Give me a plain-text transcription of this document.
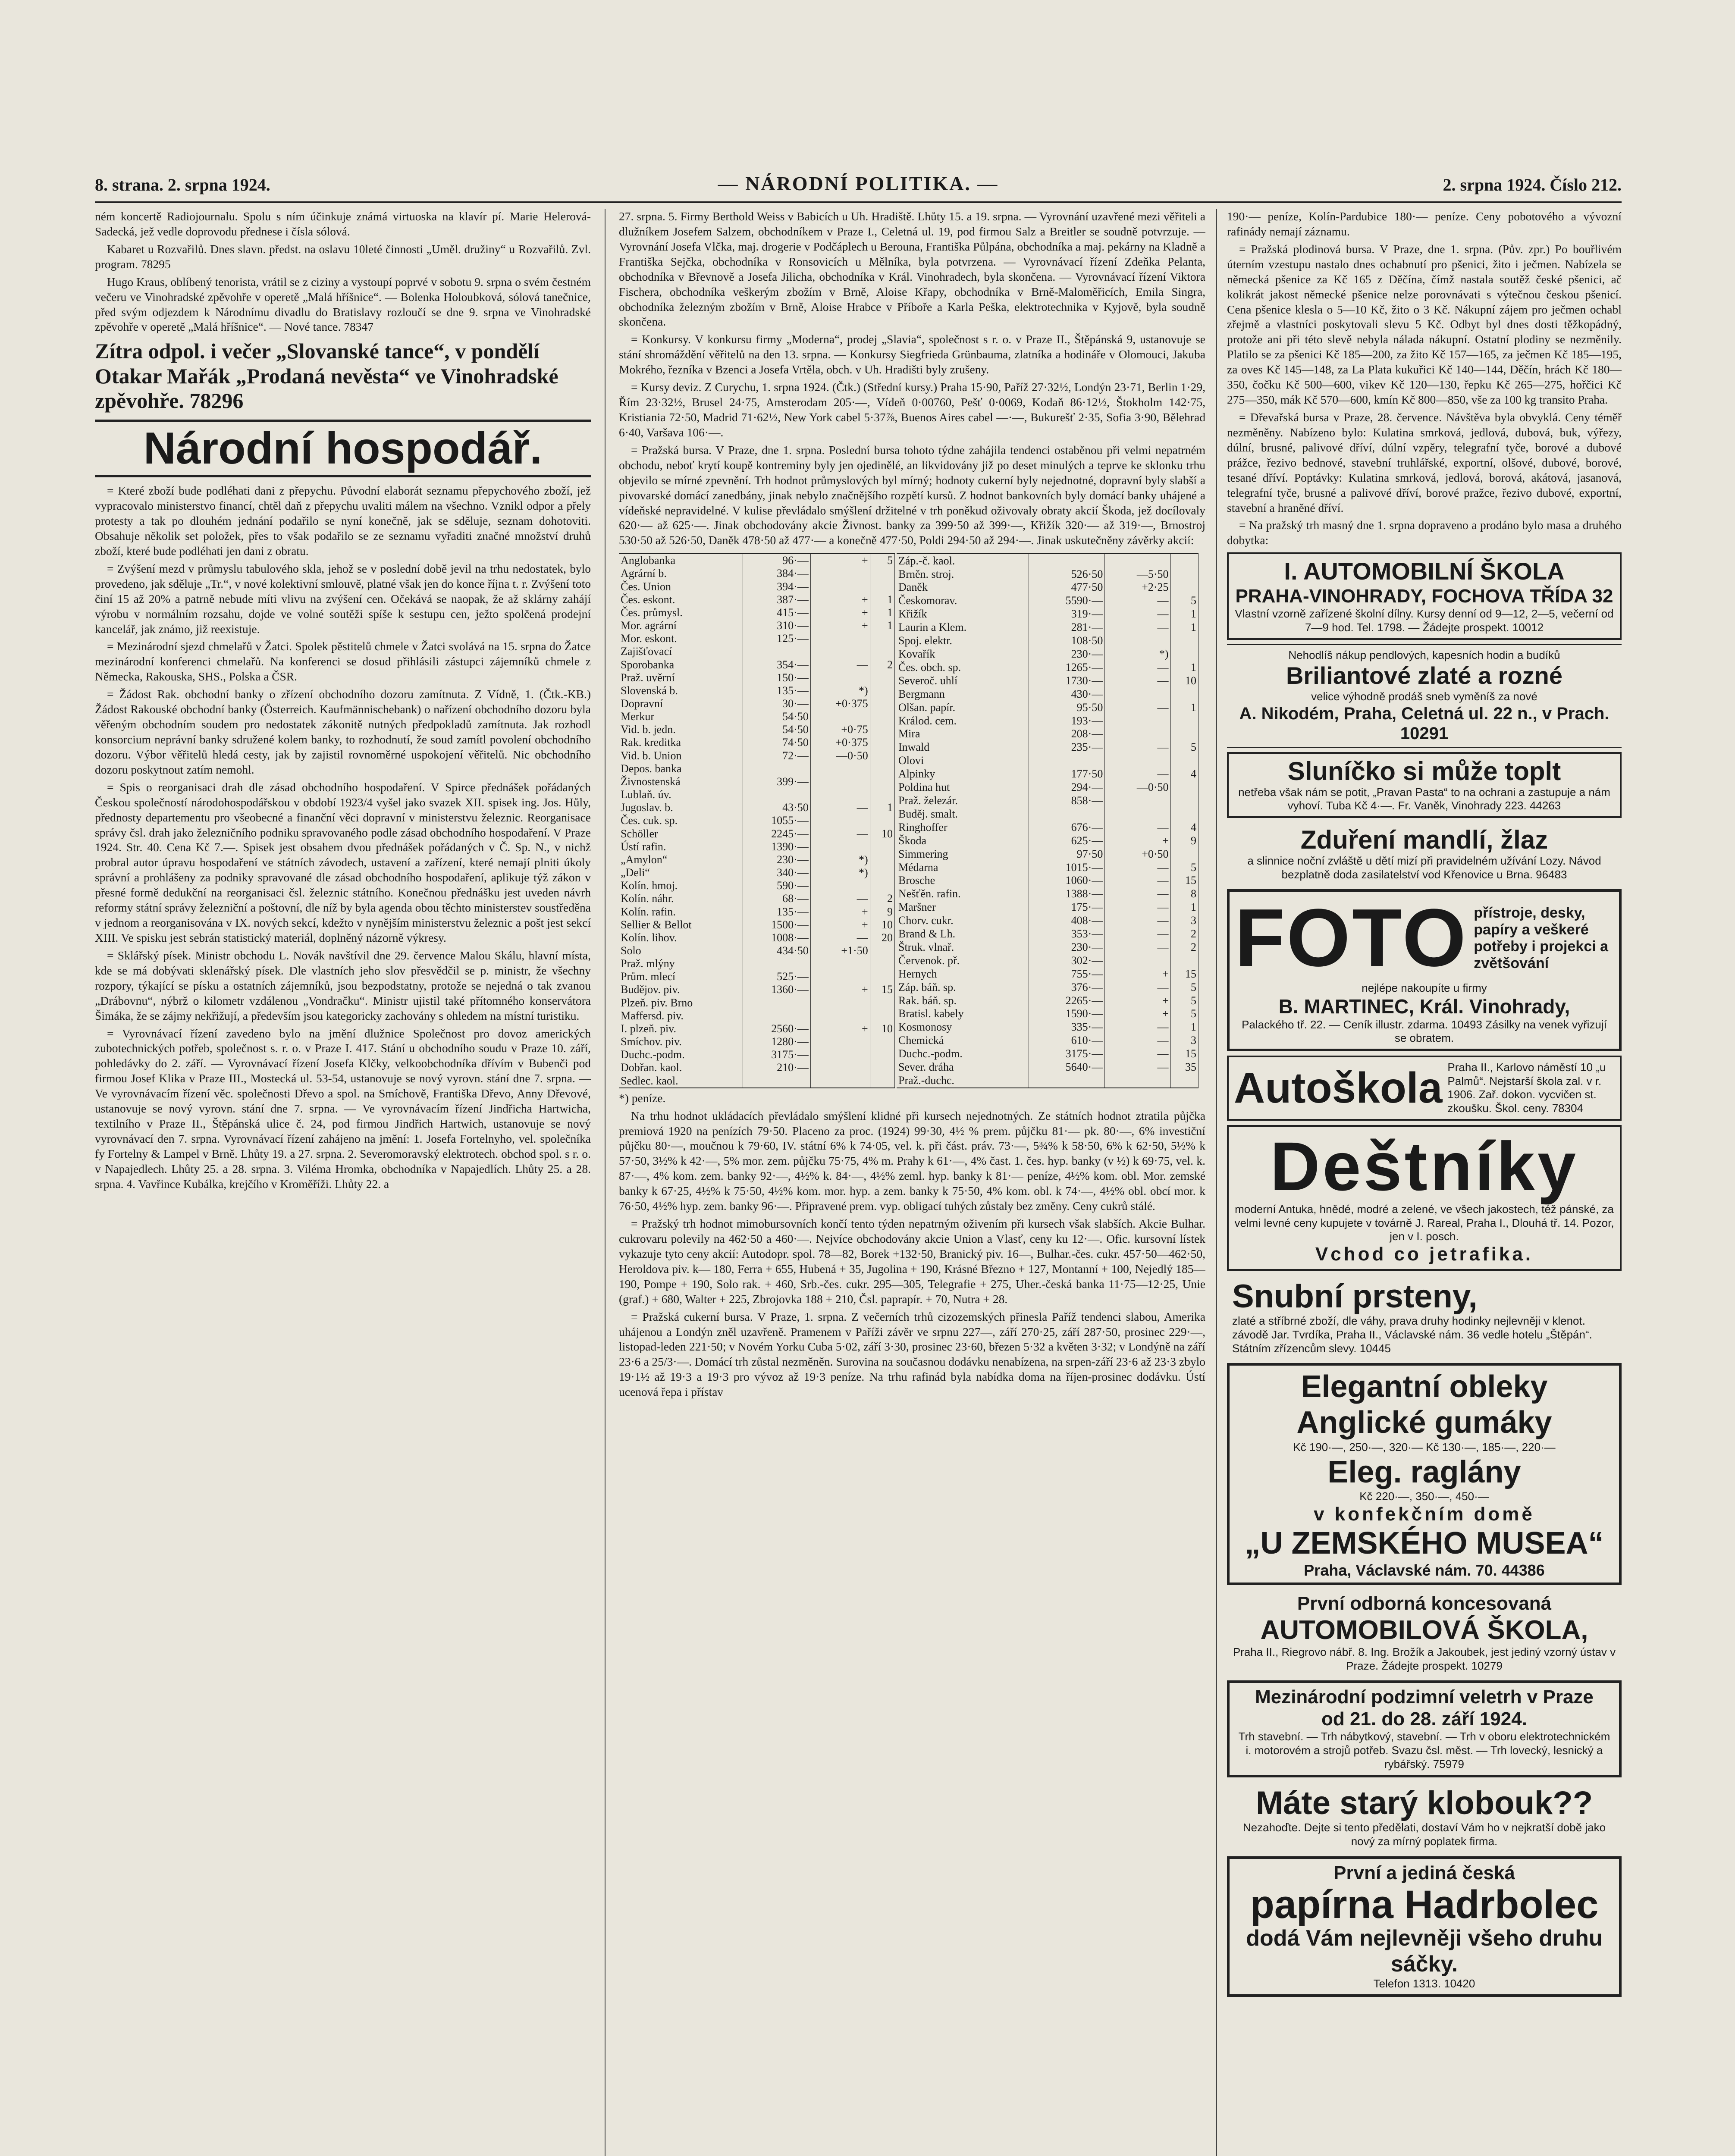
8. strana. 2. srpna 1924.	— NÁRODNÍ POLITIKA. —	2. srpna 1924. Číslo 212.

ném koncertě Radiojournalu. Spolu s ním účinkuje známá virtuoska na klavír pí. Marie Helerová-Sadecká, jež vedle doprovodu přednese i čísla sólová.

Kabaret u Rozvařilů. Dnes slavn. předst. na oslavu 10leté činnosti „Uměl. družiny“ u Rozvařilů. Zvl. program. 78295

Hugo Kraus, oblíbený tenorista, vrátil se z ciziny a vystoupí poprvé v sobotu 9. srpna o svém čestném večeru ve Vinohradské zpěvohře v operetě „Malá hříšnice“. — Bolenka Holoubková, sólová tanečnice, před svým odjezdem k Národnímu divadlu do Bratislavy rozloučí se dne 9. srpna ve Vinohradské zpěvohře v operetě „Malá hříšnice“. — Nové tance. 78347

Zítra odpol. i večer „Slovanské tance“, v pondělí Otakar Mařák „Prodaná nevěsta“ ve Vinohradské zpěvohře. 78296
Národní hospodář.

= Které zboží bude podléhati dani z přepychu. Původní elaborát seznamu přepychového zboží, jež vypracovalo ministerstvo financí, chtěl daň z přepychu uvaliti málem na všechno. Vznikl odpor a přely protesty a tak po dlouhém jednání podařilo se nyní konečně, jak se sděluje, seznam dohotoviti. Obsahuje několik set položek, přes to však podařilo se ze seznamu vyřaditi značné množství druhů zboží, které bude podléhati jen dani z obratu.

= Zvýšení mezd v průmyslu tabulového skla, jehož se v poslední době jevil na trhu nedostatek, bylo provedeno, jak sděluje „Tr.“, v nové kolektivní smlouvě, platné však jen do konce října t. r. Zvýšení toto činí 15 až 20% a patrně nebude míti vlivu na zvýšení cen. Očekává se naopak, že až sklárny zahájí výrobu v normálním rozsahu, dojde ve volné soutěži spíše k sestupu cen, ježto spolčená prodejní kancelář, jak známo, již reexistuje.

= Mezinárodní sjezd chmelařů v Žatci. Spolek pěstitelů chmele v Žatci svolává na 15. srpna do Žatce mezinárodní konferenci chmelařů. Na konferenci se dosud přihlásili zástupci zájemníků chmele z Německa, Rakouska, SHS., Polska a ČSR.

= Žádost Rak. obchodní banky o zřízení obchodního dozoru zamítnuta. Z Vídně, 1. (Čtk.-KB.) Žádost Rakouské obchodní banky (Österreich. Kaufmännischebank) o nařízení obchodního dozoru byla věřeným obchodním soudem pro nedostatek zákonitě nutných předpokladů zamítnuta. Jak rozhodl konsorcium neprávní banky sdružené kolem banky, to rozhodnutí, že soud zamítl povolení obchodního dozoru. Výbor věřitelů hledá cesty, jak by zajistil rovnoměrné uspokojení věřitelů. Nic obchodního dozoru poskytnout zatím nemohl.

= Spis o reorganisaci drah dle zásad obchodního hospodaření. V Spirce přednášek pořádaných Českou společností národohospodářskou v období 1923/4 vyšel jako svazek XII. spisek ing. Jos. Hůly, přednosty departementu pro všeobecné a finanční věci dopravní v ministerstvu železnic. Reorganisace správy čsl. drah jako železničního podniku spravovaného podle zásad obchodního hospodaření. V Praze 1924. Str. 40. Cena Kč 7.—. Spisek jest obsahem dvou přednášek pořádaných v Č. Sp. N., v nichž probral autor úpravu hospodaření ve státních závodech, ustavení a zařízení, které nemají plniti úkoly správní a prohlášeny za podniky spravované dle zásad obchodního hospodaření, aplikuje týž zákon v přesné formě dedukční na reorganisaci čsl. železnic státního. Konečnou přednášku jest uveden návrh reformy státní správy železniční a poštovní, dle níž by byla agenda obou těchto ministerstev soustředěna v jednom a reorganisována v IX. nových sekcí, kdežto v nynějším ministerstvu železnic a pošt jest sekcí XIII. Ve spisku jest sebrán statistický materiál, doplněný názorně výkresy.

= Sklářský písek. Ministr obchodu L. Novák navštívil dne 29. července Malou Skálu, hlavní místa, kde se má dobývati sklenářský písek. Dle vlastních jeho slov přesvědčil se p. ministr, že všechny rozpory, týkající se písku a ostatních zájemníků, jsou bezpodstatny, protože se nejedná o tak zvanou „Drábovnu“, nýbrž o kilometr vzdálenou „Vondračku“. Ministr ujistil také přítomného konservátora Šimáka, že se zájmy nekřižují, a především jsou kategoricky zachovány s ohledem na místní turistiku.

= Vyrovnávací řízení zavedeno bylo na jmění dlužnice Společnost pro dovoz amerických zubotechnických potřeb, společnost s. r. o. v Praze I. 417. Stání u obchodního soudu v Praze 10. září, pohledávky do 2. září. — Vyrovnávací řízení Josefa Klčky, velkoobchodníka dřívím v Bubenči pod firmou Josef Klika v Praze III., Mostecká ul. 53-54, ustanovuje se nový vyrovn. stání dne 7. srpna. — Ve vyrovnávacím řízení věc. společnosti Dřevo a spol. na Smíchově, Františka Dřevo, Anny Dřevové, ustanovuje se nový vyrovn. stání dne 7. srpna. — Ve vyrovnávacím řízení Jindřicha Hartwicha, textilního v Praze II., Štěpánská ulice č. 24, pod firmou Jindřich Hartwich, ustanovuje se nový vyrovnávací den 7. srpna. Vyrovnávací řízení zahájeno na jmění: 1. Josefa Fortelnyho, vel. společníka fy Fortelny & Lampel v Brně. Lhůty 19. a 27. srpna. 2. Severomoravský elektrotech. obchod spol. s r. o. v Napajedlech. Lhůty 25. a 28. srpna. 3. Viléma Hromka, obchodníka v Napajedlích. Lhůty 25. a 28. srpna. 4. Vavřince Kubálka, krejčího v Kroměříži. Lhůty 22. a

27. srpna. 5. Firmy Berthold Weiss v Babicích u Uh. Hradiště. Lhůty 15. a 19. srpna. — Vyrovnání uzavřené mezi věřiteli a dlužníkem Josefem Salzem, obchodníkem v Praze I., Celetná ul. 19, pod firmou Salz a Breitler se soudně potvrzuje. — Vyrovnání Josefa Vlčka, maj. drogerie v Podčáplech u Berouna, Františka Půlpána, obchodníka a maj. pekárny na Kladně a Františka Sejčka, obchodníka v Ronsovicích u Mělníka, byla potvrzena. — Vyrovnávací řízení Zdeňka Pelanta, obchodníka v Břevnově a Josefa Jilicha, obchodníka v Král. Vinohradech, byla skončena. — Vyrovnávací řízení Viktora Fischera, obchodníka veškerým zbožím v Brně, Aloise Křapy, obchodníka v Brně-Maloměřicích, Emila Singra, obchodníka železným zbožím v Brně, Aloise Hrabce v Příboře a Karla Peška, elektrotechnika v Kyjově, byla soudně skončena.

= Konkursy. V konkursu firmy „Moderna“, prodej „Slavia“, společnost s r. o. v Praze II., Štěpánská 9, ustanovuje se stání shromáždění věřitelů na den 13. srpna. — Konkursy Siegfrieda Grünbauma, zlatníka a hodináře v Olomouci, Jakuba Mokrého, řezníka v Bzenci a Josefa Vrtěla, obch. v Uh. Hradišti byly zrušeny.

= Kursy deviz. Z Curychu, 1. srpna 1924. (Čtk.) (Střední kursy.) Praha 15·90, Paříž 27·32½, Londýn 23·71, Berlin 1·29, Řím 23·32½, Brusel 24·75, Amsterodam 205·—, Vídeň 0·00760, Pešť 0·0069, Kodaň 86·12½, Štokholm 142·75, Kristiania 72·50, Madrid 71·62½, New York cabel 5·37⅞, Buenos Aires cabel —·—, Bukurešť 2·35, Sofia 3·90, Bělehrad 6·40, Varšava 106·—.

= Pražská bursa. V Praze, dne 1. srpna. Poslední bursa tohoto týdne zahájila tendenci ostaběnou při velmi nepatrném obchodu, neboť krytí koupě kontreminy byly jen ojedinělé, an likvidovány již po deset minulých a teprve ke sklonku trhu objevilo se mírné zpevnění. Trh hodnot průmyslových byl mírný; hodnoty cukerní byly nejednotné, dopravní byly slabší a pivovarské domácí zanedbány, jinak nebylo značnějšího rozpětí kursů. Z hodnot bankovních byly domácí banky uhájené a vídeňské nepravidelné. V kulise převládalo smýšlení držitelné v trh poněkud oživovaly obraty akcií Škoda, jež docílovaly 620·— až 625·—. Jinak obchodovány akcie Živnost. banky za 399·50 až 399·—, Křižík 320·— až 319·—, Brnostroj 530·50 až 526·50, Daněk 478·50 až 477·— a konečně 477·50, Poldi 294·50 až 294·—. Jinak uskutečněny závěrky akcií:

Anglobanka	96·—	+	5
Agrární b.	384·—		
Čes. Union	394·—		
Čes. eskont.	387·—	+	1
Čes. průmysl.	415·—	+	1
Mor. agrární	310·—	+	1
Mor. eskont.	125·—		
Zajišťovací			
Sporobanka	354·—	—	2
Praž. uvěrní	150·—		
Slovenská b.	135·—	*)	
Dopravní	30·—	+0·375	
Merkur	54·50		
Vid. b. jedn.	54·50	+0·75	
Rak. kreditka	74·50	+0·375	
Vid. b. Union	72·—	—0·50	
Depos. banka			
Živnostenská	399·—		
Lublaň. úv.			
Jugoslav. b.	43·50	—	1
Čes. cuk. sp.	1055·—		
Schöller	2245·—	—	10
Ústí rafin.	1390·—		
„Amylon“	230·—	*)	
„Deli“	340·—	*)	
Kolín. hmoj.	590·—		
Kolín. náhr.	68·—	—	2
Kolín. rafin.	135·—	+	9
Sellier & Bellot	1500·—	+	10
Kolín. lihov.	1008·—	—	20
Solo	434·50	+1·50	
Praž. mlýny			
Prům. mlecí	525·—		
Budějov. piv.	1360·—	+	15
Plzeň. piv. Brno			
Maffersd. piv.			
I. plzeň. piv.	2560·—	+	10
Smíchov. piv.	1280·—		
Duchc.-podm.	3175·—		
Dobřan. kaol.	210·—		
Sedlec. kaol.			
Záp.-č. kaol.			
Brněn. stroj.	526·50	—5·50	
Daněk	477·50	+2·25	
Českomorav.	5590·—	—	5
Křižík	319·—	—	1
Laurin a Klem.	281·—	—	1
Spoj. elektr.	108·50		
Kovařík	230·—	*)	
Čes. obch. sp.	1265·—	—	1
Severoč. uhlí	1730·—	—	10
Bergmann	430·—		
Olšan. papír.	95·50	—	1
Králod. cem.	193·—		
Mira	208·—		
Inwald	235·—	—	5
Olovi			
Alpinky	177·50	—	4
Poldina hut	294·—	—0·50	
Praž. železár.	858·—		
Buděj. smalt.			
Ringhoffer	676·—	—	4
Škoda	625·—	+	9
Simmering	97·50	+0·50	
Médarna	1015·—	—	5
Brosche	1060·—	—	15
Nešťěn. rafin.	1388·—	—	8
Maršner	175·—	—	1
Chorv. cukr.	408·—	—	3
Brand & Lh.	353·—	—	2
Štruk. vlnař.	230·—	—	2
Červenok. př.	302·—		
Hernych	755·—	+	15
Záp. báň. sp.	376·—	—	5
Rak. báň. sp.	2265·—	+	5
Bratisl. kabely	1590·—	+	5
Kosmonosy	335·—	—	1
Chemická	610·—	—	3
Duchc.-podm.	3175·—	—	15
Sever. dráha	5640·—	—	35
Praž.-duchc.			

*) peníze.

Na trhu hodnot ukládacích převládalo smýšlení klidné při kursech nejednotných. Ze státních hodnot ztratila půjčka premiová 1920 na penízích 79·50. Placeno za proc. (1924) 99·30, 4½ % prem. půjčku 81·— pk. 80·—, 6% investiční půjčku 80·—, moučnou k 79·60, IV. státní 6% k 74·05, vel. k. při část. práv. 73·—, 5¾% k 58·50, 6% k 62·50, 5½% k 57·50, 3½% k 42·—, 5% mor. zem. půjčku 75·75, 4% m. Prahy k 61·—, 4% čast. 1. čes. hyp. banky (v ½) k 69·75, vel. k. 87·—, 4% kom. zem. banky 92·—, 4½% k. 84·—, 4½% zeml. hyp. banky k 81·— peníze, 4½% kom. obl. Mor. zemské banky k 67·25, 4½% k 75·50, 4½% kom. mor. hyp. a zem. banky k 75·50, 4% kom. obl. k 74·—, 4½% obl. obcí mor. k 76·50, 4½% hyp. zem. banky 96·—. Připravené prem. vyp. obligací tuhých zůstaly bez změny. Ceny cukrů stálé.

= Pražský trh hodnot mimobursovních končí tento týden nepatrným oživením při kursech však slabších. Akcie Bulhar. cukrovaru polevily na 462·50 a 460·—. Nejvíce obchodovány akcie Union a Vlasť, ceny ku 12·—. Ofic. kursovní lístek vykazuje tyto ceny akcií: Autodopr. spol. 78—82, Borek +132·50, Branický piv. 16—, Bulhar.-čes. cukr. 457·50—462·50, Heroldova piv. k— 180, Ferra + 655, Hubená + 35, Jugolina + 190, Krásné Březno + 127, Montanní + 100, Nejedlý 185—190, Pompe + 190, Solo rak. + 460, Srb.-čes. cukr. 295—305, Telegrafie + 275, Uher.-česká banka 11·75—12·25, Unie (graf.) + 680, Walter + 225, Zbrojovka 188 + 210, Čsl. paprapír. + 70, Nutra + 28.

= Pražská cukerní bursa. V Praze, 1. srpna. Z večerních trhů cizozemských přinesla Paříž tendenci slabou, Amerika uhájenou a Londýn zněl uzavřeně. Pramenem v Paříži závěr ve srpnu 227—, září 270·25, září 287·50, prosinec 229·—, listopad-leden 221·50; v Novém Yorku Cuba 5·02, září 3·30, prosinec 23·60, březen 5·32 a květen 3·32; v Londýně na září 23·6 a 25/3·—. Domácí trh zůstal nezměněn. Surovina na současnou dodávku nenabízena, na srpen-září 23·6 až 23·3 zbylo 19·1½ až 19·3 a 19·3 pro vývoz až 19·3 peníze. Na trhu rafinád byla nabídka doma na říjen-prosinec dodávku. Ústí ucenová řepa i přístav

190·— peníze, Kolín-Pardubice 180·— peníze. Ceny pobotového a vývozní rafinády nemají záznamu.

= Pražská plodinová bursa. V Praze, dne 1. srpna. (Pův. zpr.) Po bouřlivém úterním vzestupu nastalo dnes ochabnutí pro pšenici, žito i ječmen. Nabízela se německá pšenice za Kč 165 z Děčína, čímž nastala soutěž české pšenici, ač kolikrát jakost německé pšenice nelze porovnávati s výtečnou českou pšenicí. Cena pšenice klesla o 5—10 Kč, žito o 3 Kč. Nákupní zájem pro ječmen ochabl zřejmě a vlastníci poskytovali slevu 5 Kč. Odbyt byl dnes dosti těžkopádný, protože ani při této slevě nebyla nálada nákupní. Ostatní plodiny se nezměnily. Platilo se za pšenici Kč 185—200, za žito Kč 157—165, za ječmen Kč 185—195, za oves Kč 145—148, za La Plata kukuřici Kč 140—144, Děčín, hrách Kč 180—350, čočku Kč 500—600, vikev Kč 120—130, řepku Kč 265—275, hořčici Kč 275—350, mák Kč 570—600, kmín Kč 800—850, vše za 100 kg transito Praha.

= Dřevařská bursa v Praze, 28. července. Návštěva byla obvyklá. Ceny téměř nezměněny. Nabízeno bylo: Kulatina smrková, jedlová, dubová, buk, výřezy, dúlní, brusné, palivové dříví, dúlní vzpěry, telegrafní tyče, borové a dubové prážce, řezivo bednové, stavební truhlářské, exportní, olšové, dubové, borové, tesané dříví. Poptávky: Kulatina smrková, jedlová, borová, akátová, jasanová, telegrafní tyče, brusné a palivové dříví, borové pražce, řezivo dubové, exportní, stavební a hraněné dříví.

= Na pražský trh masný dne 1. srpna dopraveno a prodáno bylo masa a druhého dobytka:

I. AUTOMOBILNÍ ŠKOLA
PRAHA-VINOHRADY, FOCHOVA TŘÍDA 32
Vlastní vzorně zařízené školní dílny. Kursy denní od 9—12, 2—5, večerní od 7—9 hod. Tel. 1798. — Žádejte prospekt. 10012
Nehodlíš nákup pendlových, kapesních hodin a budíků
Briliantové zlaté a rozné
velice výhodně prodáš sneb vyměníš za nové
A. Nikodém, Praha, Celetná ul. 22 n., v Prach. 10291
Sluníčko si může toplt
netřeba však nám se potit, „Pravan Pasta“ to na ochrani a zastupuje a nám vyhoví. Tuba Kč 4·—. Fr. Vaněk, Vinohrady 223. 44263
Zduření mandlí, žlaz
a slinnice noční zvláště u dětí mizí při pravidelném užívání Lozy. Návod bezplatně doda zasilatelství vod Křenovice u Brna. 96483
FOTO přístroje, desky, papíry a veškeré potřeby i projekci a zvětšování
nejlépe nakoupíte u firmy
B. MARTINEC, Král. Vinohrady,
Palackého tř. 22. — Ceník illustr. zdarma. 10493 Zásilky na venek vyřizují se obratem.
Autoškola Praha II., Karlovo náměstí 10 „u Palmů“. Nejstarší škola zal. v r. 1906. Zař. dokon. vycvičen st. zkoušku. Škol. ceny. 78304
Deštníky
moderní Antuka, hnědé, modré a zelené, ve všech jakostech, též pánské, za velmi levné ceny kupujete v továrně J. Rareal, Praha I., Dlouhá tř. 14. Pozor, jen v I. posch.
Vchod co jetrafika.
Snubní prsteny,
zlaté a stříbrné zboží, dle váhy, prava druhy hodinky nejlevněji v klenot. závodě Jar. Tvrdíka, Praha II., Václavské nám. 36 vedle hotelu „Štěpán“. Státním zřízencům slevy. 10445
Elegantní obleky
Anglické gumáky
Kč 190·—, 250·—, 320·— Kč 130·—, 185·—, 220·—
Eleg. raglány
Kč 220·—, 350·—, 450·—
v konfekčním domě
„U ZEMSKÉHO MUSEA“
Praha, Václavské nám. 70. 44386
První odborná koncesovaná
AUTOMOBILOVÁ ŠKOLA,
Praha II., Riegrovo nábř. 8. Ing. Brožík a Jakoubek, jest jediný vzorný ústav v Praze. Žádejte prospekt. 10279
Mezinárodní podzimní veletrh v Praze
od 21. do 28. září 1924.
Trh stavební. — Trh nábytkový, stavební. — Trh v oboru elektrotechnickém i. motorovém a strojů potřeb. Svazu čsl. měst. — Trh lovecký, lesnický a rybářský. 75979
Máte starý klobouk??
Nezahoďte. Dejte si tento předělati, dostaví Vám ho v nejkratší době jako nový za mírný poplatek firma.
První a jediná česká
papírna Hadrbolec
dodá Vám nejlevněji všeho druhu sáčky.
Telefon 1313. 10420
